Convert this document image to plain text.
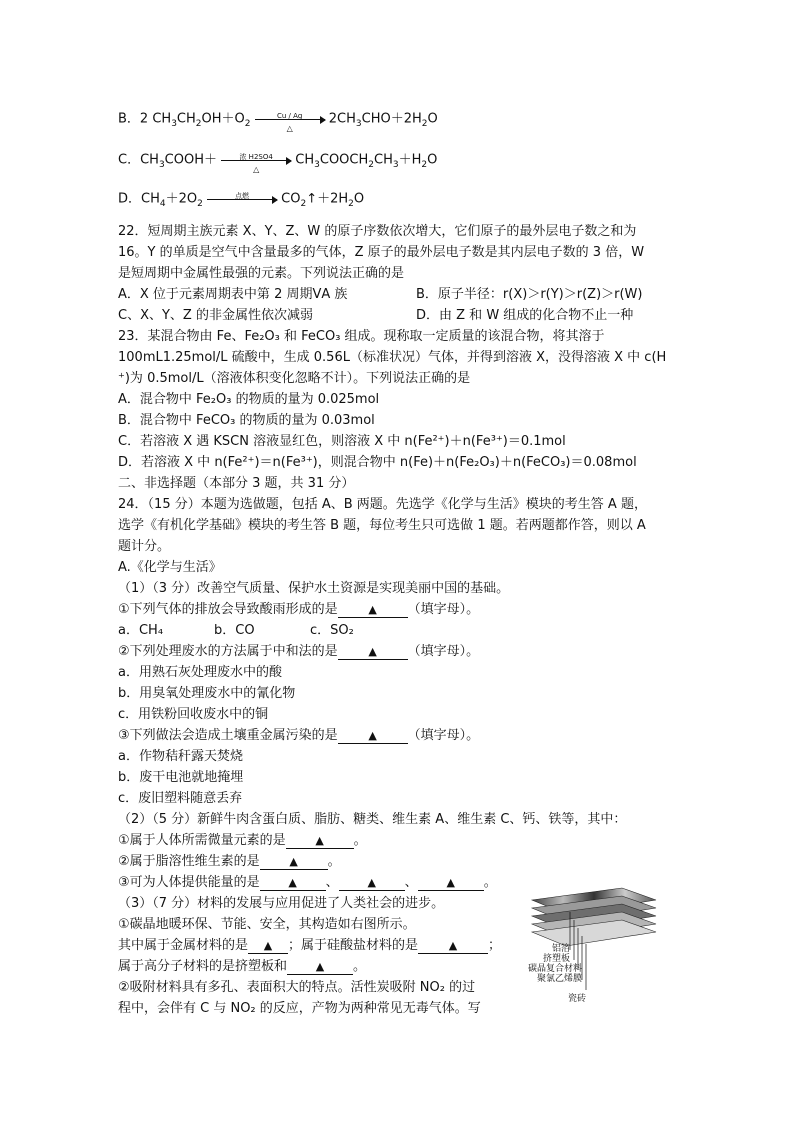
B．2 $CH_3CH_2OH+O_2$
Cu / Ag
△
$2CH_3CHO+2H_2O$
C．$CH_3COOH+$	浓 H2SO4
△
$CH_3COOCH_2CH_3+H_2O$
D．$CH_4+2O_2$
点燃	$CO_2↑+2H_2O$
22．短周期主族元素 X、Y、Z、W 的原子序数依次增大，它们原子的最外层电子数之和为
16。Y 的单质是空气中含量最多的气体，Z 原子的最外层电子数是其内层电子数的 3 倍，W
是短周期中金属性最强的元素。下列说法正确的是
A．X 位于元素周期表中第 2 周期ⅤA 族	B．原子半径：r(X)＞r(Y)＞r(Z)＞r(W)
C、X、Y、Z 的非金属性依次减弱	D．由 Z 和 W 组成的化合物不止一种
23．某混合物由 Fe、Fe₂O₃ 和 FeCO₃ 组成。现称取一定质量的该混合物，将其溶于
100mL1.25mol/L 硫酸中，生成 0.56L（标准状况）气体，并得到溶液 X，没得溶液 X 中 c(H
⁺)为 0.5mol/L（溶液体积变化忽略不计）。下列说法正确的是
A．混合物中 Fe₂O₃ 的物质的量为 0.025mol
B．混合物中 FeCO₃ 的物质的量为 0.03mol
C．若溶液 X 遇 KSCN 溶液显红色，则溶液 X 中 n(Fe²⁺)＋n(Fe³⁺)＝0.1mol
D．若溶液 X 中 n(Fe²⁺)＝n(Fe³⁺)，则混合物中 n(Fe)＋n(Fe₂O₃)＋n(FeCO₃)＝0.08mol
二、非选择题（本部分 3 题，共 31 分）
24．（15 分）本题为选做题，包括 A、B 两题。先选学《化学与生活》模块的考生答 A 题，
选学《有机化学基础》模块的考生答 B 题，每位考生只可选做 1 题。若两题都作答，则以 A
题计分。
A.《化学与生活》
（1）（3 分）改善空气质量、保护水土资源是实现美丽中国的基础。
①下列气体的排放会导致酸雨形成的是	▲ （填字母）。
a．CH₄	b．CO	c．SO₂
②下列处理废水的方法属于中和法的是	▲ （填字母）。
a．用熟石灰处理废水中的酸
b．用臭氧处理废水中的氰化物
c．用铁粉回收废水中的铜
③下列做法会造成土壤重金属污染的是	▲ （填字母）。
a．作物秸秆露天焚烧
b．废干电池就地掩埋
c．废旧塑料随意丢弃
（2）（5 分）新鲜牛肉含蛋白质、脂肪、糖类、维生素 A、维生素 C、钙、铁等，其中：
①属于人体所需微量元素的是	▲ 。
②属于脂溶性维生素的是	▲ 。
③可为人体提供能量的是	▲ 、	▲ 、	▲ 。
（3）（7 分）材料的发展与应用促进了人类社会的进步。
①碳晶地暖环保、节能、安全，其构造如右图所示。
其中属于金属材料的是 ▲ ；属于硅酸盐材料的是	▲ ；
属于高分子材料的是挤塑板和	▲ 。
②吸附材料具有多孔、表面积大的特点。活性炭吸附 NO₂ 的过
程中，会伴有 C 与 NO₂ 的反应，产物为两种常见无毒气体。写
铝箔
挤塑板
碳晶复合材料
聚氯乙烯膜
瓷砖
